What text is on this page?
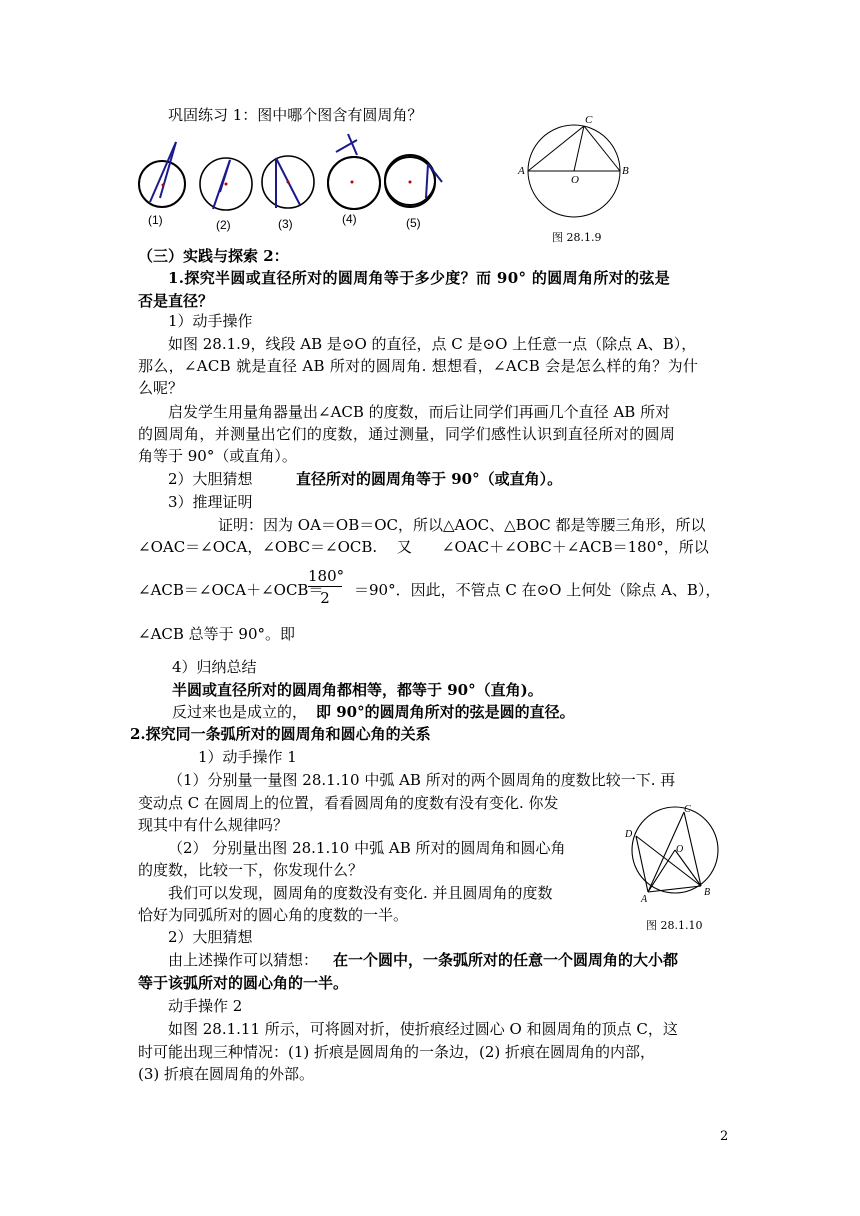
巩固练习 1：图中哪个图含有圆周角？
(1)	(2)	(3)	(4)	(5)
C
A	B
O
图 28.1.9
（三）实践与探索 2：
1.探究半圆或直径所对的圆周角等于多少度？而 90° 的圆周角所对的弦是
否是直径？
1）动手操作
如图 28.1.9，线段 AB 是⊙O 的直径，点 C 是⊙O 上任意一点（除点 A、B），
那么，∠ACB 就是直径 AB 所对的圆周角. 想想看，∠ACB 会是怎么样的角？为什
么呢？
启发学生用量角器量出∠ACB 的度数，而后让同学们再画几个直径 AB 所对
的圆周角，并测量出它们的度数，通过测量，同学们感性认识到直径所对的圆周
角等于 90°（或直角）。
2）大胆猜想	直径所对的圆周角等于 90°（或直角）。
3）推理证明
证明：因为 OA＝OB＝OC，所以△AOC、△BOC 都是等腰三角形，所以
∠OAC＝∠OCA，∠OBC＝∠OCB.　 又　　∠OAC＋∠OBC＋∠ACB＝180°，所以
∠ACB＝∠OCA＋∠OCB＝
$\frac{180^\circ}{2} =90^\circ$．因此，不管点 C 在⊙O 上何处（除点 A、B），
∠ACB 总等于 90°。即
4）归纳总结
半圆或直径所对的圆周角都相等，都等于 90°（直角)。
反过来也是成立的， 即 90°的圆周角所对的弦是圆的直径。
2.探究同一条弧所对的圆周角和圆心角的关系
1）动手操作 1
（1）分别量一量图 28.1.10 中弧 AB 所对的两个圆周角的度数比较一下. 再
变动点 C 在圆周上的位置，看看圆周角的度数有没有变化. 你发
现其中有什么规律吗？
（2） 分别量出图 28.1.10 中弧 AB 所对的圆周角和圆心角
的度数，比较一下，你发现什么？
我们可以发现，圆周角的度数没有变化. 并且圆周角的度数
恰好为同弧所对的圆心角的度数的一半。
C
D
O
A
B
图 28.1.10
2）大胆猜想
由上述操作可以猜想： 在一个圆中，一条弧所对的任意一个圆周角的大小都
等于该弧所对的圆心角的一半。
动手操作 2
如图 28.1.11 所示，可将圆对折，使折痕经过圆心 O 和圆周角的顶点 C，这
时可能出现三种情况：(1) 折痕是圆周角的一条边，(2) 折痕在圆周角的内部，
(3) 折痕在圆周角的外部。
2
